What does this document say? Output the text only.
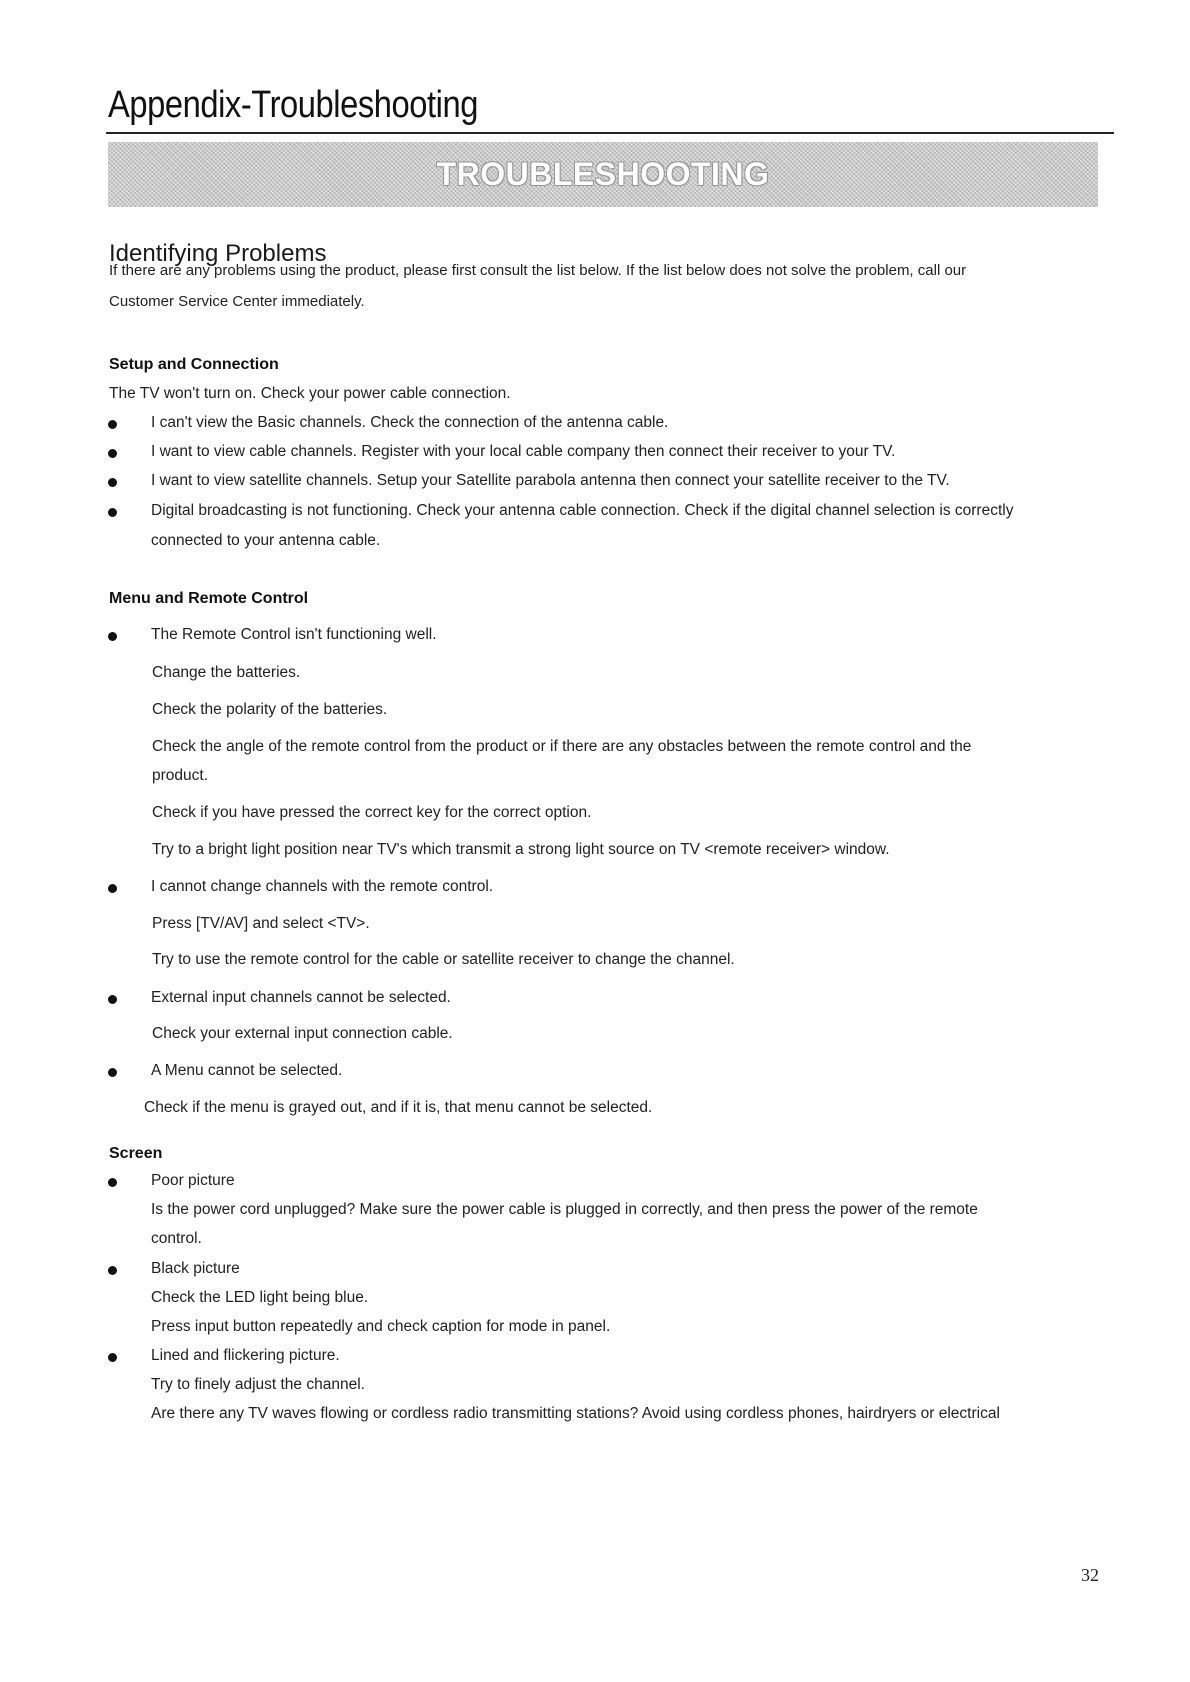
Appendix-Troubleshooting
TROUBLESHOOTING
Identifying Problems
If there are any problems using the product, please first consult the list below. If the list below does not solve the problem, call our
Customer Service Center immediately.
Setup and Connection
The TV won't turn on. Check your power cable connection.
I can't view the Basic channels. Check the connection of the antenna cable.
I want to view cable channels. Register with your local cable company then connect their receiver to your TV.
I want to view satellite channels. Setup your Satellite parabola antenna then connect your satellite receiver to the TV.
Digital broadcasting is not functioning. Check your antenna cable connection. Check if the digital channel selection is correctly
connected to your antenna cable.
Menu and Remote Control
The Remote Control isn't functioning well.
Change the batteries.
Check the polarity of the batteries.
Check the angle of the remote control from the product or if there are any obstacles between the remote control and the
product.
Check if you have pressed the correct key for the correct option.
Try to a bright light position near TV's which transmit a strong light source on TV <remote receiver> window.
I cannot change channels with the remote control.
Press [TV/AV] and select <TV>.
Try to use the remote control for the cable or satellite receiver to change the channel.
External input channels cannot be selected.
Check your external input connection cable.
A Menu cannot be selected.
Check if the menu is grayed out, and if it is, that menu cannot be selected.
Screen
Poor picture
Is the power cord unplugged? Make sure the power cable is plugged in correctly, and then press the power of the remote
control.
Black picture
Check the LED light being blue.
Press input button repeatedly and check caption for mode in panel.
Lined and flickering picture.
Try to finely adjust the channel.
Are there any TV waves flowing or cordless radio transmitting stations? Avoid using cordless phones, hairdryers or electrical
32
